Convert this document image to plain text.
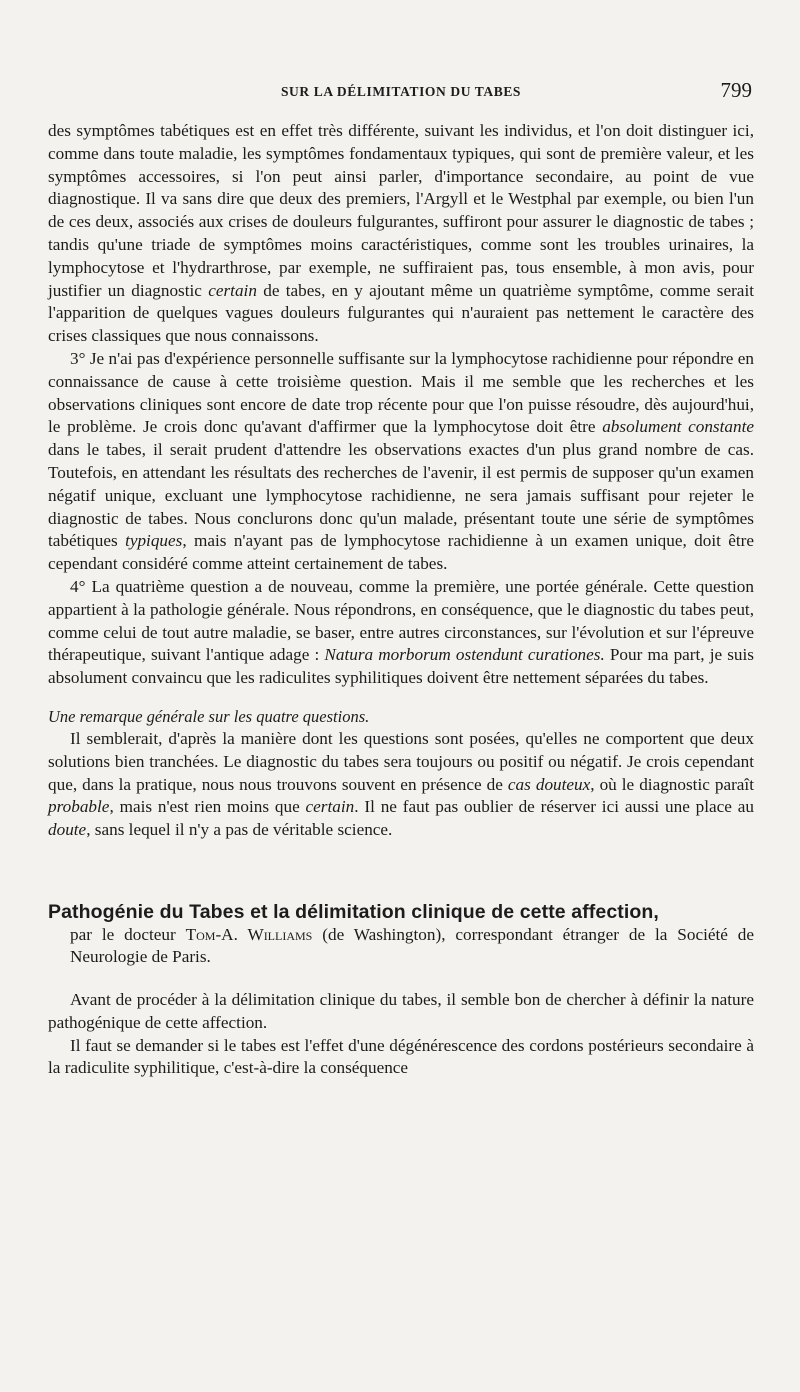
SUR LA DÉLIMITATION DU TABES	799

des symptômes tabétiques est en effet très différente, suivant les individus, et l'on doit distinguer ici, comme dans toute maladie, les symptômes fondamentaux typiques, qui sont de première valeur, et les symptômes accessoires, si l'on peut ainsi parler, d'importance secondaire, au point de vue diagnostique. Il va sans dire que deux des premiers, l'Argyll et le Westphal par exemple, ou bien l'un de ces deux, associés aux crises de douleurs fulgurantes, suffiront pour assurer le diagnostic de tabes ; tandis qu'une triade de symptômes moins caractéristiques, comme sont les troubles urinaires, la lymphocytose et l'hydrarthrose, par exemple, ne suffiraient pas, tous ensemble, à mon avis, pour justifier un diagnostic certain de tabes, en y ajoutant même un quatrième symptôme, comme serait l'apparition de quelques vagues douleurs fulgurantes qui n'auraient pas nettement le caractère des crises classiques que nous connaissons.

3° Je n'ai pas d'expérience personnelle suffisante sur la lymphocytose rachidienne pour répondre en connaissance de cause à cette troisième question. Mais il me semble que les recherches et les observations cliniques sont encore de date trop récente pour que l'on puisse résoudre, dès aujourd'hui, le problème. Je crois donc qu'avant d'affirmer que la lymphocytose doit être absolument constante dans le tabes, il serait prudent d'attendre les observations exactes d'un plus grand nombre de cas. Toutefois, en attendant les résultats des recherches de l'avenir, il est permis de supposer qu'un examen négatif unique, excluant une lymphocytose rachidienne, ne sera jamais suffisant pour rejeter le diagnostic de tabes. Nous conclurons donc qu'un malade, présentant toute une série de symptômes tabétiques typiques, mais n'ayant pas de lymphocytose rachidienne à un examen unique, doit être cependant considéré comme atteint certainement de tabes.

4° La quatrième question a de nouveau, comme la première, une portée générale. Cette question appartient à la pathologie générale. Nous répondrons, en conséquence, que le diagnostic du tabes peut, comme celui de tout autre maladie, se baser, entre autres circonstances, sur l'évolution et sur l'épreuve thérapeutique, suivant l'antique adage : Natura morborum ostendunt curationes. Pour ma part, je suis absolument convaincu que les radiculites syphilitiques doivent être nettement séparées du tabes.

Une remarque générale sur les quatre questions.

Il semblerait, d'après la manière dont les questions sont posées, qu'elles ne comportent que deux solutions bien tranchées. Le diagnostic du tabes sera toujours ou positif ou négatif. Je crois cependant que, dans la pratique, nous nous trouvons souvent en présence de cas douteux, où le diagnostic paraît probable, mais n'est rien moins que certain. Il ne faut pas oublier de réserver ici aussi une place au doute, sans lequel il n'y a pas de véritable science.

Pathogénie du Tabes et la délimitation clinique de cette affection,
par le docteur Tom-A. Williams (de Washington), correspondant étranger de la Société de Neurologie de Paris.

Avant de procéder à la délimitation clinique du tabes, il semble bon de chercher à définir la nature pathogénique de cette affection.

Il faut se demander si le tabes est l'effet d'une dégénérescence des cordons postérieurs secondaire à la radiculite syphilitique, c'est-à-dire la conséquence
